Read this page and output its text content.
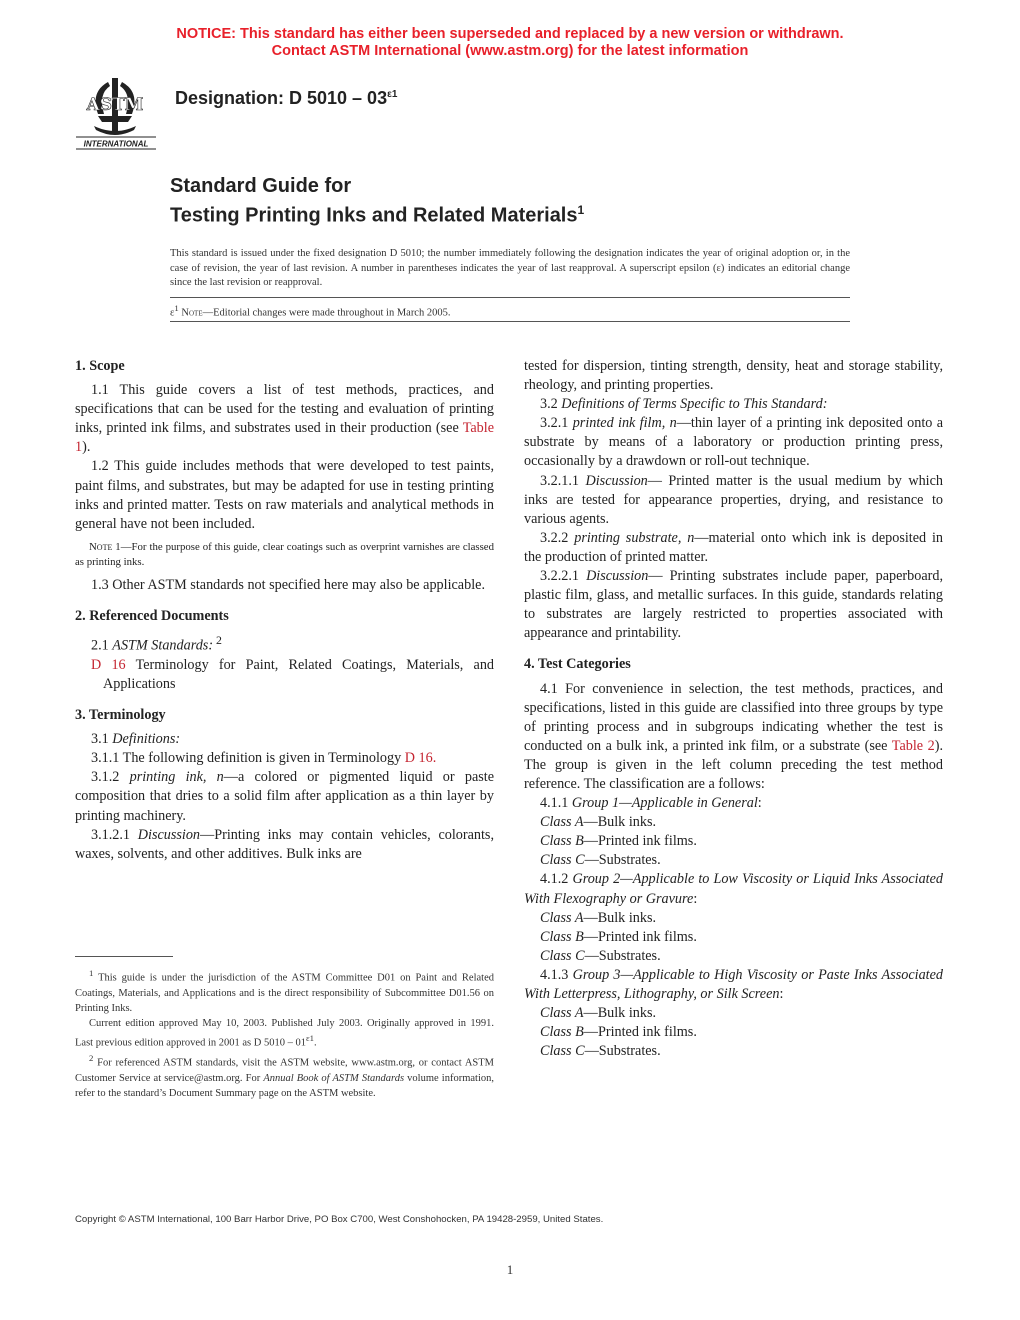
NOTICE: This standard has either been superseded and replaced by a new version or withdrawn.
Contact ASTM International (www.astm.org) for the latest information
ASTM
INTERNATIONAL
Designation: D $5010 - 03^{\varepsilon 1}$
Standard Guide for
Testing Printing Inks and Related Materials$^1$
This standard is issued under the fixed designation D 5010; the number immediately following the designation indicates the year of original adoption or, in the case of revision, the year of last revision. A number in parentheses indicates the year of last reapproval. A superscript epsilon (ε) indicates an editorial change since the last revision or reapproval.
$\varepsilon^1$ Note—Editorial changes were made throughout in March 2005.
1. Scope

1.1 This guide covers a list of test methods, practices, and specifications that can be used for the testing and evaluation of printing inks, printed ink films, and substrates used in their production (see Table 1).

1.2 This guide includes methods that were developed to test paints, paint films, and substrates, but may be adapted for use in testing printing inks and printed matter. Tests on raw materials and analytical methods in general have not been included.

Note 1—For the purpose of this guide, clear coatings such as overprint varnishes are classed as printing inks.

1.3 Other ASTM standards not specified here may also be applicable.

2. Referenced Documents

2.1 ASTM Standards: $^2$

D 16 Terminology for Paint, Related Coatings, Materials, and Applications

3. Terminology

3.1 Definitions:

3.1.1 The following definition is given in Terminology D 16.

3.1.2 printing ink, n—a colored or pigmented liquid or paste composition that dries to a solid film after application as a thin layer by printing machinery.

3.1.2.1 Discussion—Printing inks may contain vehicles, colorants, waxes, solvents, and other additives. Bulk inks are

tested for dispersion, tinting strength, density, heat and storage stability, rheology, and printing properties.

3.2 Definitions of Terms Specific to This Standard:

3.2.1 printed ink film, n—thin layer of a printing ink deposited onto a substrate by means of a laboratory or production printing press, occasionally by a drawdown or roll-out technique.

3.2.1.1 Discussion— Printed matter is the usual medium by which inks are tested for appearance properties, drying, and resistance to various agents.

3.2.2 printing substrate, n—material onto which ink is deposited in the production of printed matter.

3.2.2.1 Discussion— Printing substrates include paper, paperboard, plastic film, glass, and metallic surfaces. In this guide, standards relating to substrates are largely restricted to properties associated with appearance and printability.

4. Test Categories

4.1 For convenience in selection, the test methods, practices, and specifications, listed in this guide are classified into three groups by type of printing process and in subgroups indicating whether the test is conducted on a bulk ink, a printed ink film, or a substrate (see Table 2). The group is given in the left column preceding the test method reference. The classification are a follows:

4.1.1 Group 1—Applicable in General:

Class A—Bulk inks.

Class B—Printed ink films.

Class C—Substrates.

4.1.2 Group 2—Applicable to Low Viscosity or Liquid Inks Associated With Flexography or Gravure:

Class A—Bulk inks.

Class B—Printed ink films.

Class C—Substrates.

4.1.3 Group 3—Applicable to High Viscosity or Paste Inks Associated With Letterpress, Lithography, or Silk Screen:

Class A—Bulk inks.

Class B—Printed ink films.

Class C—Substrates.

$^1$ This guide is under the jurisdiction of the ASTM Committee D01 on Paint and Related Coatings, Materials, and Applications and is the direct responsibility of Subcommittee D01.56 on Printing Inks.

Current edition approved May 10, 2003. Published July 2003. Originally approved in 1991. Last previous edition approved in 2001 as D $5010 - 01^{\varepsilon 1}$.

$^2$ For referenced ASTM standards, visit the ASTM website, www.astm.org, or contact ASTM Customer Service at service@astm.org. For Annual Book of ASTM Standards volume information, refer to the standard’s Document Summary page on the ASTM website.

Copyright © ASTM International, 100 Barr Harbor Drive, PO Box C700, West Conshohocken, PA 19428-2959, United States.
1
